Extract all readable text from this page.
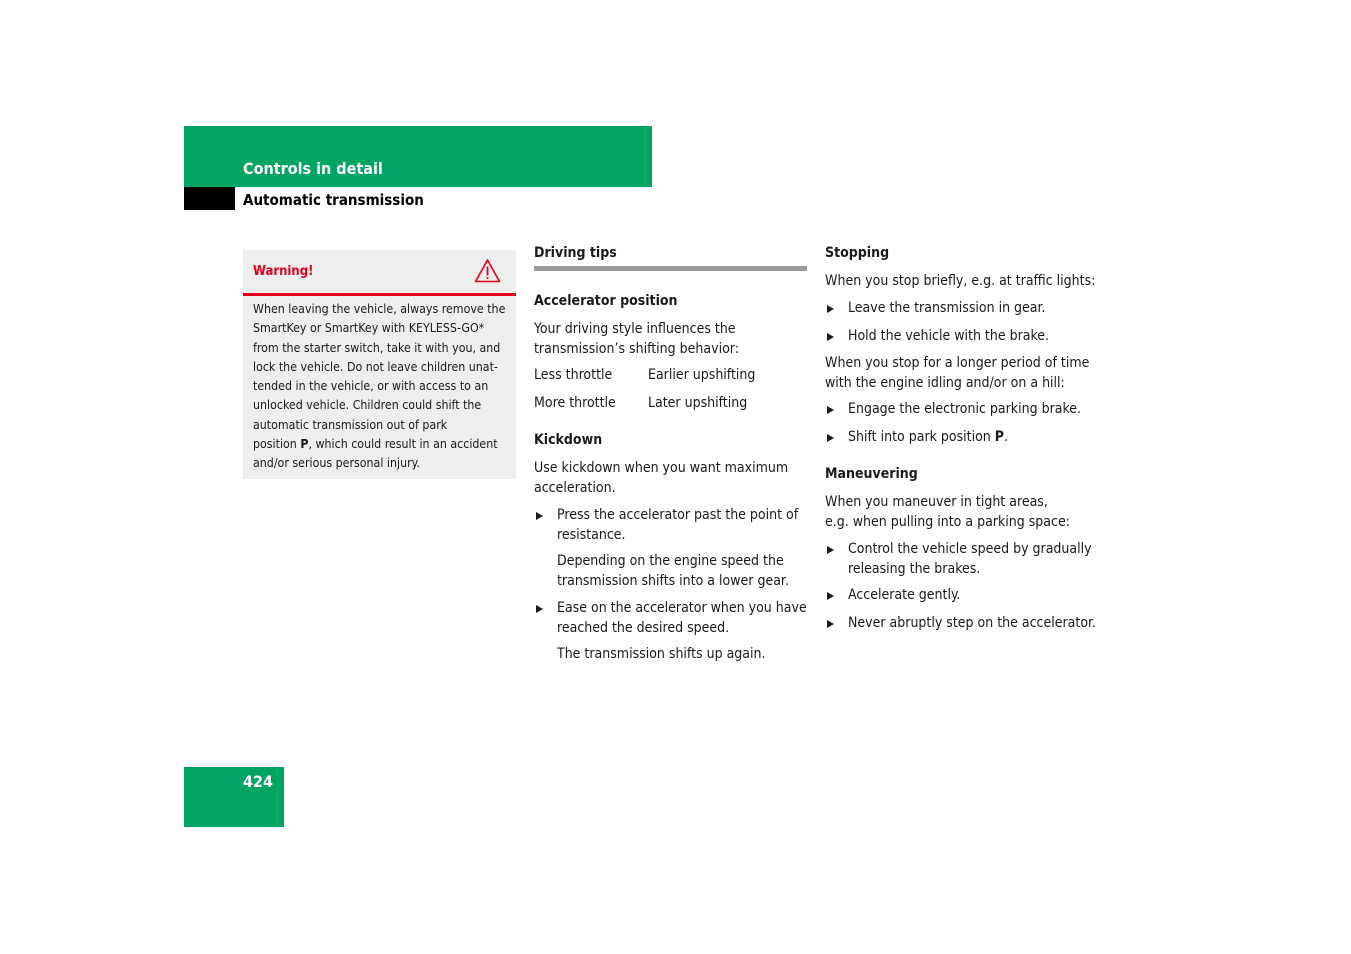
Controls in detail
Automatic transmission
Warning!
When leaving the vehicle, always remove the
SmartKey or SmartKey with KEYLESS-GO*
from the starter switch, take it with you, and
lock the vehicle. Do not leave children unat-
tended in the vehicle, or with access to an
unlocked vehicle. Children could shift the
automatic transmission out of park
position P, which could result in an accident
and/or serious personal injury.
Driving tips
Accelerator position
Your driving style influences the
transmission’s shifting behavior:
Less throttle	Earlier upshifting
More throttle Later upshifting
Kickdown
Use kickdown when you want maximum
acceleration.
Press the accelerator past the point of
resistance.
Depending on the engine speed the
transmission shifts into a lower gear.
Ease on the accelerator when you have
reached the desired speed.
The transmission shifts up again.
Stopping
When you stop briefly, e.g. at traffic lights:
Leave the transmission in gear.
Hold the vehicle with the brake.
When you stop for a longer period of time
with the engine idling and/or on a hill:
Engage the electronic parking brake.
Shift into park position P.
Maneuvering
When you maneuver in tight areas,
e.g. when pulling into a parking space:
Control the vehicle speed by gradually
releasing the brakes.
Accelerate gently.
Never abruptly step on the accelerator.
424
